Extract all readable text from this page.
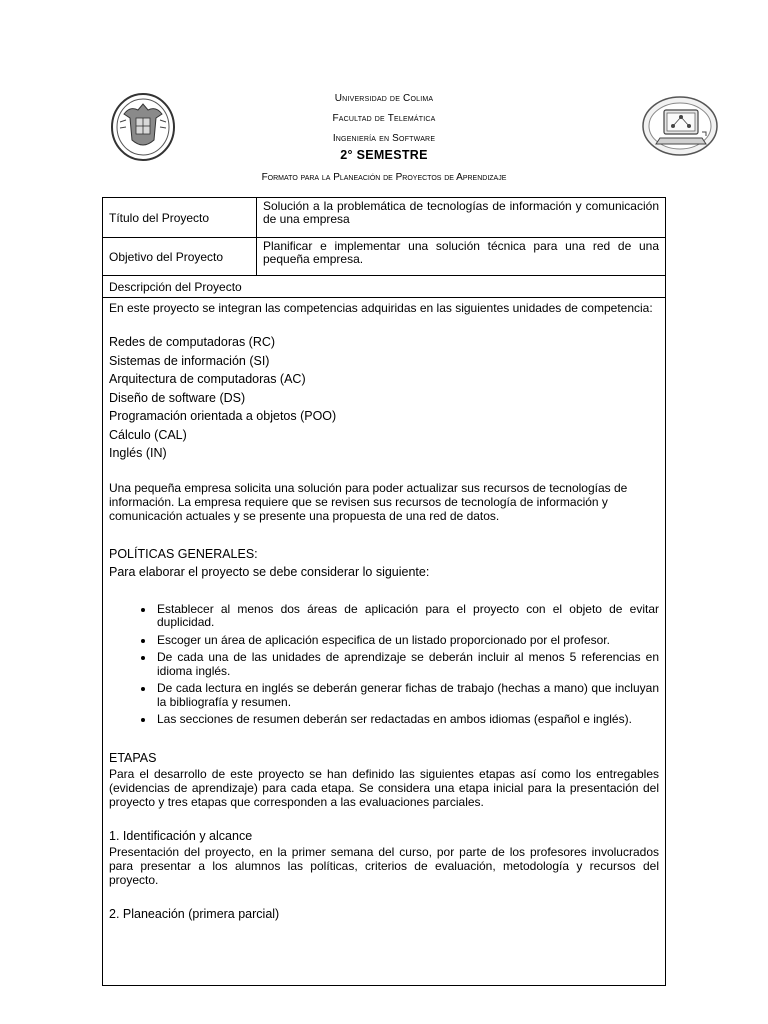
Universidad de Colima
Facultad de Telemática
Ingeniería en Software
2° SEMESTRE
Formato para la Planeación de Proyectos de Aprendizaje
Título del Proyecto
Solución a la problemática de tecnologías de información y comunicación de una empresa
Objetivo del Proyecto
Planificar e implementar una solución técnica para una red de una pequeña empresa.
Descripción del Proyecto

En este proyecto se integran las competencias adquiridas en las siguientes unidades de competencia:

Redes de computadoras (RC)
Sistemas de información (SI)
Arquitectura de computadoras (AC)
Diseño de software (DS)
Programación orientada a objetos (POO)
Cálculo (CAL)
Inglés (IN)

Una pequeña empresa solicita una solución para poder actualizar sus recursos de tecnologías de información. La empresa requiere que se revisen sus recursos de tecnología de información y comunicación actuales y se presente una propuesta de una red de datos.

POLÍTICAS GENERALES:
Para elaborar el proyecto se debe considerar lo siguiente:
• Establecer al menos dos áreas de aplicación para el proyecto con el objeto de evitar duplicidad.
• Escoger un área de aplicación especifica de un listado proporcionado por el profesor.
• De cada una de las unidades de aprendizaje se deberán incluir al menos 5 referencias en idioma inglés.
• De cada lectura en inglés se deberán generar fichas de trabajo (hechas a mano) que incluyan la bibliografía y resumen.
• Las secciones de resumen deberán ser redactadas en ambos idiomas (español e inglés).
ETAPAS

Para el desarrollo de este proyecto se han definido las siguientes etapas así como los entregables (evidencias de aprendizaje) para cada etapa. Se considera una etapa inicial para la presentación del proyecto y tres etapas que corresponden a las evaluaciones parciales.

1. Identificación y alcance

Presentación del proyecto, en la primer semana del curso, por parte de los profesores involucrados para presentar a los alumnos las políticas, criterios de evaluación, metodología y recursos del proyecto.

2. Planeación (primera parcial)
